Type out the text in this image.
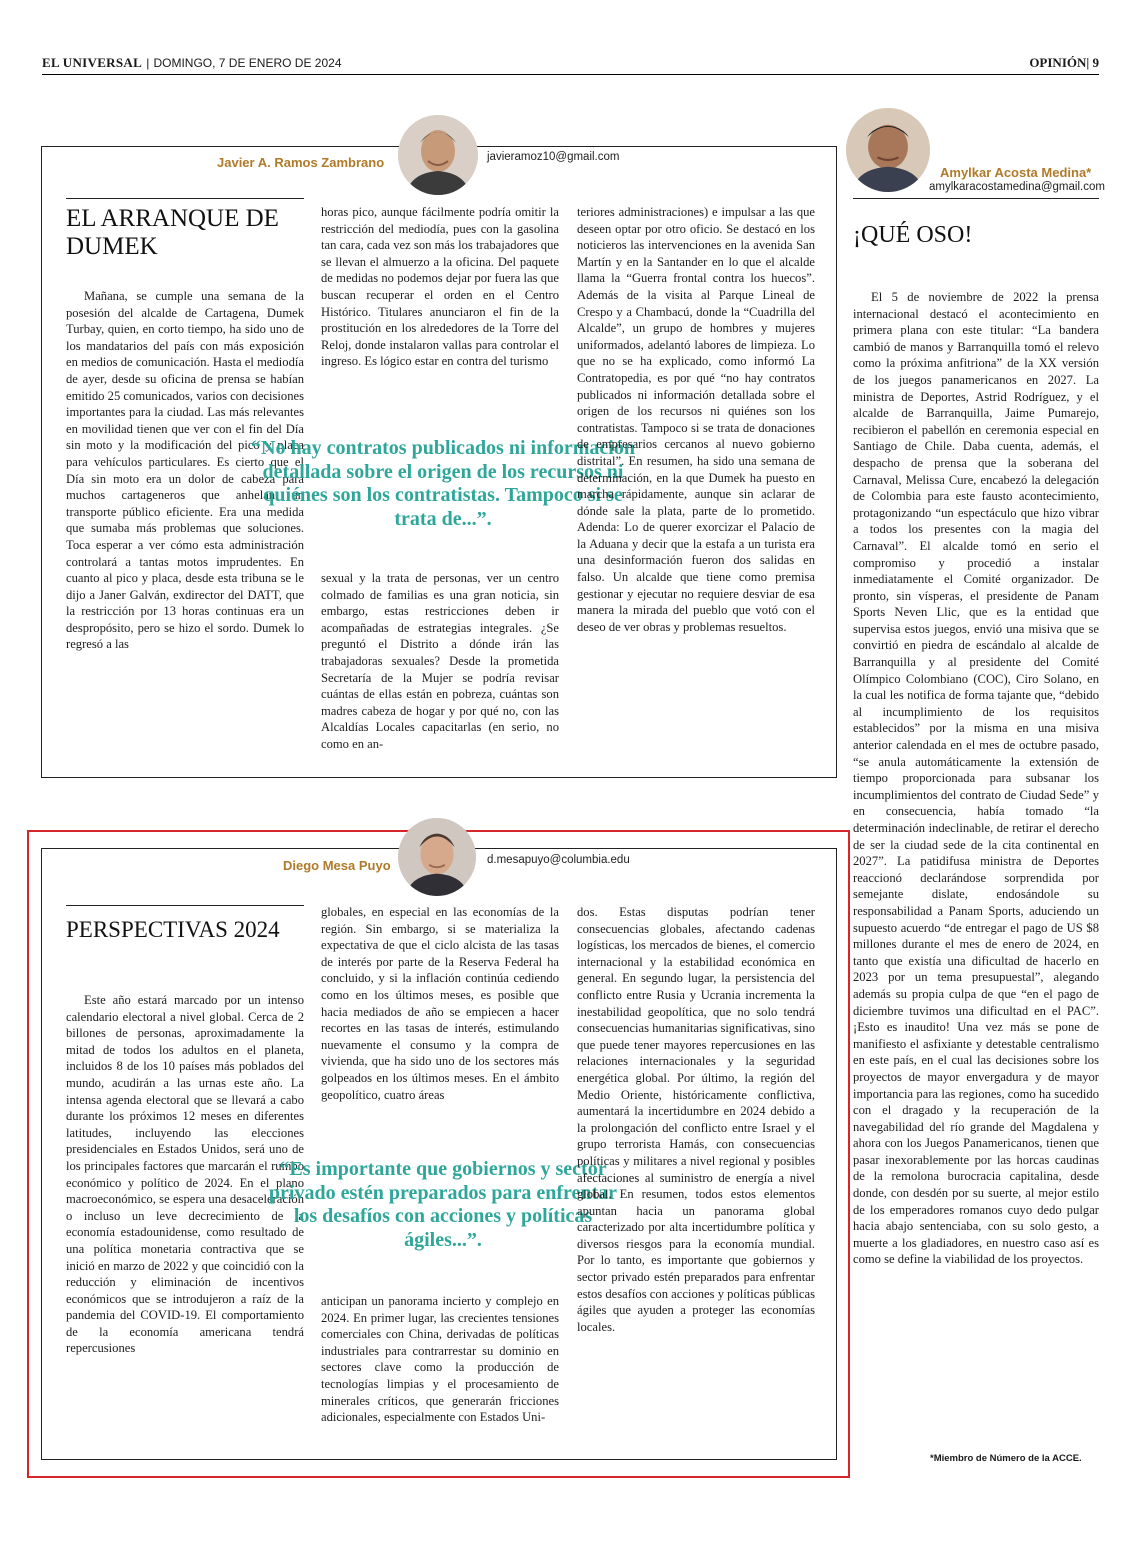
EL UNIVERSAL | DOMINGO, 7 DE ENERO DE 2024	OPINIÓN| 9
Javier A. Ramos Zambrano	javieramoz10@gmail.com
EL ARRANQUE DE DUMEK

Mañana, se cumple una semana de la posesión del alcalde de Cartagena, Dumek Turbay, quien, en corto tiempo, ha sido uno de los mandatarios del país con más exposición en medios de comunicación. Hasta el mediodía de ayer, desde su oficina de prensa se habían emitido 25 comunicados, varios con decisiones importantes para la ciudad. Las más relevantes en movilidad tienen que ver con el fin del Día sin moto y la modificación del pico y placa para vehículos particulares. Es cierto que el Día sin moto era un dolor de cabeza para muchos cartageneros que anhelan un transporte público eficiente. Era una medida que sumaba más problemas que soluciones. Toca esperar a ver cómo esta administración controlará a tantas motos imprudentes. En cuanto al pico y placa, desde esta tribuna se le dijo a Janer Galván, exdirector del DATT, que la restricción por 13 horas continuas era un despropósito, pero se hizo el sordo. Dumek lo regresó a las

horas pico, aunque fácilmente podría omitir la restricción del mediodía, pues con la gasolina tan cara, cada vez son más los trabajadores que se llevan el almuerzo a la oficina. Del paquete de medidas no podemos dejar por fuera las que buscan recuperar el orden en el Centro Histórico. Titulares anunciaron el fin de la prostitución en los alrededores de la Torre del Reloj, donde instalaron vallas para controlar el ingreso. Es lógico estar en contra del turismo

“No hay contratos publicados ni información detallada sobre el origen de los recursos ni quiénes son los contratistas. Tampoco si se trata de...”.

sexual y la trata de personas, ver un centro colmado de familias es una gran noticia, sin embargo, estas restricciones deben ir acompañadas de estrategias integrales. ¿Se preguntó el Distrito a dónde irán las trabajadoras sexuales? Desde la prometida Secretaría de la Mujer se podría revisar cuántas de ellas están en pobreza, cuántas son madres cabeza de hogar y por qué no, con las Alcaldías Locales capacitarlas (en serio, no como en an-

teriores administraciones) e impulsar a las que deseen optar por otro oficio. Se destacó en los noticieros las intervenciones en la avenida San Martín y en la Santander en lo que el alcalde llama la “Guerra frontal contra los huecos”. Además de la visita al Parque Lineal de Crespo y a Chambacú, donde la “Cuadrilla del Alcalde”, un grupo de hombres y mujeres uniformados, adelantó labores de limpieza. Lo que no se ha explicado, como informó La Contratopedia, es por qué “no hay contratos publicados ni información detallada sobre el origen de los recursos ni quiénes son los contratistas. Tampoco si se trata de donaciones de empresarios cercanos al nuevo gobierno distrital”. En resumen, ha sido una semana de determinación, en la que Dumek ha puesto en marcha rápidamente, aunque sin aclarar de dónde sale la plata, parte de lo prometido. Adenda: Lo de querer exorcizar el Palacio de la Aduana y decir que la estafa a un turista era una desinformación fueron dos salidas en falso. Un alcalde que tiene como premisa gestionar y ejecutar no requiere desviar de esa manera la mirada del pueblo que votó con el deseo de ver obras y problemas resueltos.

Diego Mesa Puyo	d.mesapuyo@columbia.edu
PERSPECTIVAS 2024

Este año estará marcado por un intenso calendario electoral a nivel global. Cerca de 2 billones de personas, aproximadamente la mitad de todos los adultos en el planeta, incluidos 8 de los 10 países más poblados del mundo, acudirán a las urnas este año. La intensa agenda electoral que se llevará a cabo durante los próximos 12 meses en diferentes latitudes, incluyendo las elecciones presidenciales en Estados Unidos, será uno de los principales factores que marcarán el rumbo económico y político de 2024. En el plano macroeconómico, se espera una desaceleración o incluso un leve decrecimiento de la economía estadounidense, como resultado de una política monetaria contractiva que se inició en marzo de 2022 y que coincidió con la reducción y eliminación de incentivos económicos que se introdujeron a raíz de la pandemia del COVID-19. El comportamiento de la economía americana tendrá repercusiones

globales, en especial en las economías de la región. Sin embargo, si se materializa la expectativa de que el ciclo alcista de las tasas de interés por parte de la Reserva Federal ha concluido, y si la inflación continúa cediendo como en los últimos meses, es posible que hacia mediados de año se empiecen a hacer recortes en las tasas de interés, estimulando nuevamente el consumo y la compra de vivienda, que ha sido uno de los sectores más golpeados en los últimos meses. En el ámbito geopolítico, cuatro áreas

“Es importante que gobiernos y sector privado estén preparados para enfrentar los desafíos con acciones y políticas ágiles...”.

anticipan un panorama incierto y complejo en 2024. En primer lugar, las crecientes tensiones comerciales con China, derivadas de políticas industriales para contrarrestar su dominio en sectores clave como la producción de tecnologías limpias y el procesamiento de minerales críticos, que generarán fricciones adicionales, especialmente con Estados Uni-

dos. Estas disputas podrían tener consecuencias globales, afectando cadenas logísticas, los mercados de bienes, el comercio internacional y la estabilidad económica en general. En segundo lugar, la persistencia del conflicto entre Rusia y Ucrania incrementa la inestabilidad geopolítica, que no solo tendrá consecuencias humanitarias significativas, sino que puede tener mayores repercusiones en las relaciones internacionales y la seguridad energética global. Por último, la región del Medio Oriente, históricamente conflictiva, aumentará la incertidumbre en 2024 debido a la prolongación del conflicto entre Israel y el grupo terrorista Hamás, con consecuencias políticas y militares a nivel regional y posibles afectaciones al suministro de energía a nivel global. En resumen, todos estos elementos apuntan hacia un panorama global caracterizado por alta incertidumbre política y diversos riesgos para la economía mundial. Por lo tanto, es importante que gobiernos y sector privado estén preparados para enfrentar estos desafíos con acciones y políticas públicas ágiles que ayuden a proteger las economías locales.

Amylkar Acosta Medina*
amylkaracostamedina@gmail.com
¡QUÉ OSO!

El 5 de noviembre de 2022 la prensa internacional destacó el acontecimiento en primera plana con este titular: “La bandera cambió de manos y Barranquilla tomó el relevo como la próxima anfitriona” de la XX versión de los juegos panamericanos en 2027. La ministra de Deportes, Astrid Rodríguez, y el alcalde de Barranquilla, Jaime Pumarejo, recibieron el pabellón en ceremonia especial en Santiago de Chile. Daba cuenta, además, el despacho de prensa que la soberana del Carnaval, Melissa Cure, encabezó la delegación de Colombia para este fausto acontecimiento, protagonizando “un espectáculo que hizo vibrar a todos los presentes con la magia del Carnaval”. El alcalde tomó en serio el compromiso y procedió a instalar inmediatamente el Comité organizador. De pronto, sin vísperas, el presidente de Panam Sports Neven Llic, que es la entidad que supervisa estos juegos, envió una misiva que se convirtió en piedra de escándalo al alcalde de Barranquilla y al presidente del Comité Olímpico Colombiano (COC), Ciro Solano, en la cual les notifica de forma tajante que, “debido al incumplimiento de los requisitos establecidos” por la misma en una misiva anterior calendada en el mes de octubre pasado, “se anula automáticamente la extensión de tiempo proporcionada para subsanar los incumplimientos del contrato de Ciudad Sede” y en consecuencia, había tomado “la determinación indeclinable, de retirar el derecho de ser la ciudad sede de la cita continental en 2027”. La patidifusa ministra de Deportes reaccionó declarándose sorprendida por semejante dislate, endosándole su responsabilidad a Panam Sports, aduciendo un supuesto acuerdo “de entregar el pago de US $8 millones durante el mes de enero de 2024, en tanto que existía una dificultad de hacerlo en 2023 por un tema presupuestal”, alegando además su propia culpa de que “en el pago de diciembre tuvimos una dificultad en el PAC”. ¡Esto es inaudito! Una vez más se pone de manifiesto el asfixiante y detestable centralismo en este país, en el cual las decisiones sobre los proyectos de mayor envergadura y de mayor importancia para las regiones, como ha sucedido con el dragado y la recuperación de la navegabilidad del río grande del Magdalena y ahora con los Juegos Panamericanos, tienen que pasar inexorablemente por las horcas caudinas de la remolona burocracia capitalina, desde donde, con desdén por su suerte, al mejor estilo de los emperadores romanos cuyo dedo pulgar hacia abajo sentenciaba, con su solo gesto, a muerte a los gladiadores, en nuestro caso así es como se define la viabilidad de los proyectos.

*Miembro de Número de la ACCE.
